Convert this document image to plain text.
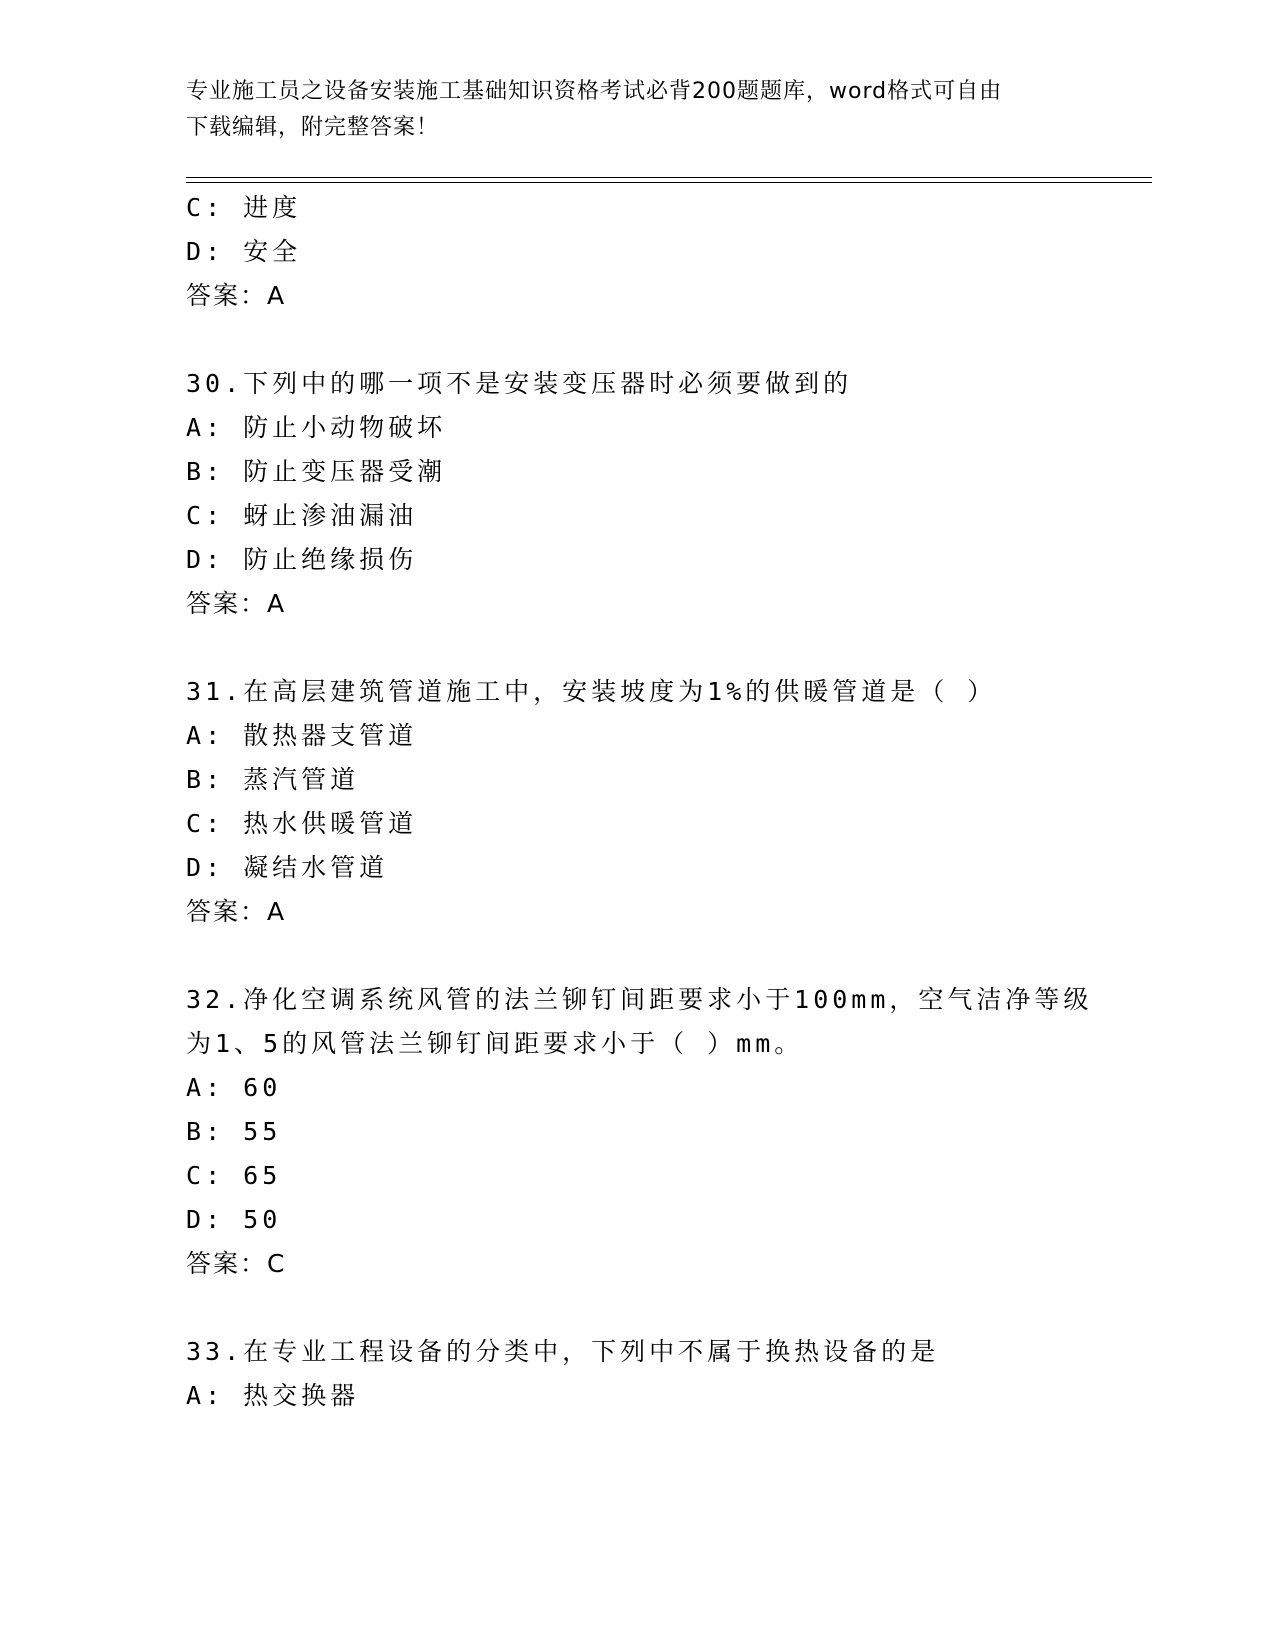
专业施工员之设备安装施工基础知识资格考试必背200题题库，word格式可自由
下载编辑，附完整答案！
C: 进度
D: 安全
答案：A
30.下列中的哪一项不是安装变压器时必须要做到的
A: 防止小动物破坏
B: 防止变压器受潮
C: 蚜止渗油漏油
D: 防止绝缘损伤
答案：A
31.在高层建筑管道施工中，安装坡度为1%的供暖管道是（ ）
A: 散热器支管道
B: 蒸汽管道
C: 热水供暖管道
D: 凝结水管道
答案：A
32.净化空调系统风管的法兰铆钉间距要求小于100mm，空气洁净等级
为1、5的风管法兰铆钉间距要求小于（ ）mm。
A: 60
B: 55
C: 65
D: 50
答案：C
33.在专业工程设备的分类中，下列中不属于换热设备的是
A: 热交换器
